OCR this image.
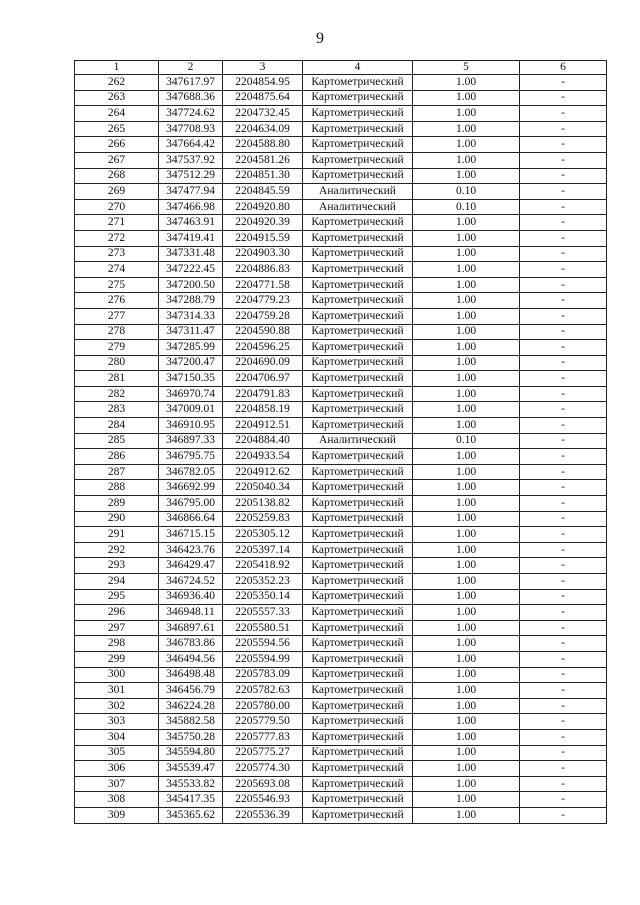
9
1	2	3	4	5	6
262	347617.97	2204854.95	Картометрический	1.00	-
263	347688.36	2204875.64	Картометрический	1.00	-
264	347724.62	2204732.45	Картометрический	1.00	-
265	347708.93	2204634.09	Картометрический	1.00	-
266	347664.42	2204588.80	Картометрический	1.00	-
267	347537.92	2204581.26	Картометрический	1.00	-
268	347512.29	2204851.30	Картометрический	1.00	-
269	347477.94	2204845.59	Аналитический	0.10	-
270	347466.98	2204920.80	Аналитический	0.10	-
271	347463.91	2204920.39	Картометрический	1.00	-
272	347419.41	2204915.59	Картометрический	1.00	-
273	347331.48	2204903.30	Картометрический	1.00	-
274	347222.45	2204886.83	Картометрический	1.00	-
275	347200.50	2204771.58	Картометрический	1.00	-
276	347288.79	2204779.23	Картометрический	1.00	-
277	347314.33	2204759.28	Картометрический	1.00	-
278	347311.47	2204590.88	Картометрический	1.00	-
279	347285.99	2204596.25	Картометрический	1.00	-
280	347200.47	2204690.09	Картометрический	1.00	-
281	347150.35	2204706.97	Картометрический	1.00	-
282	346970.74	2204791.83	Картометрический	1.00	-
283	347009.01	2204858.19	Картометрический	1.00	-
284	346910.95	2204912.51	Картометрический	1.00	-
285	346897.33	2204884.40	Аналитический	0.10	-
286	346795.75	2204933.54	Картометрический	1.00	-
287	346782.05	2204912.62	Картометрический	1.00	-
288	346692.99	2205040.34	Картометрический	1.00	-
289	346795.00	2205138.82	Картометрический	1.00	-
290	346866.64	2205259.83	Картометрический	1.00	-
291	346715.15	2205305.12	Картометрический	1.00	-
292	346423.76	2205397.14	Картометрический	1.00	-
293	346429.47	2205418.92	Картометрический	1.00	-
294	346724.52	2205352.23	Картометрический	1.00	-
295	346936.40	2205350.14	Картометрический	1.00	-
296	346948.11	2205557.33	Картометрический	1.00	-
297	346897.61	2205580.51	Картометрический	1.00	-
298	346783.86	2205594.56	Картометрический	1.00	-
299	346494.56	2205594.99	Картометрический	1.00	-
300	346498.48	2205783.09	Картометрический	1.00	-
301	346456.79	2205782.63	Картометрический	1.00	-
302	346224.28	2205780.00	Картометрический	1.00	-
303	345882.58	2205779.50	Картометрический	1.00	-
304	345750.28	2205777.83	Картометрический	1.00	-
305	345594.80	2205775.27	Картометрический	1.00	-
306	345539.47	2205774.30	Картометрический	1.00	-
307	345533.82	2205693.08	Картометрический	1.00	-
308	345417.35	2205546.93	Картометрический	1.00	-
309	345365.62	2205536.39	Картометрический	1.00	-
